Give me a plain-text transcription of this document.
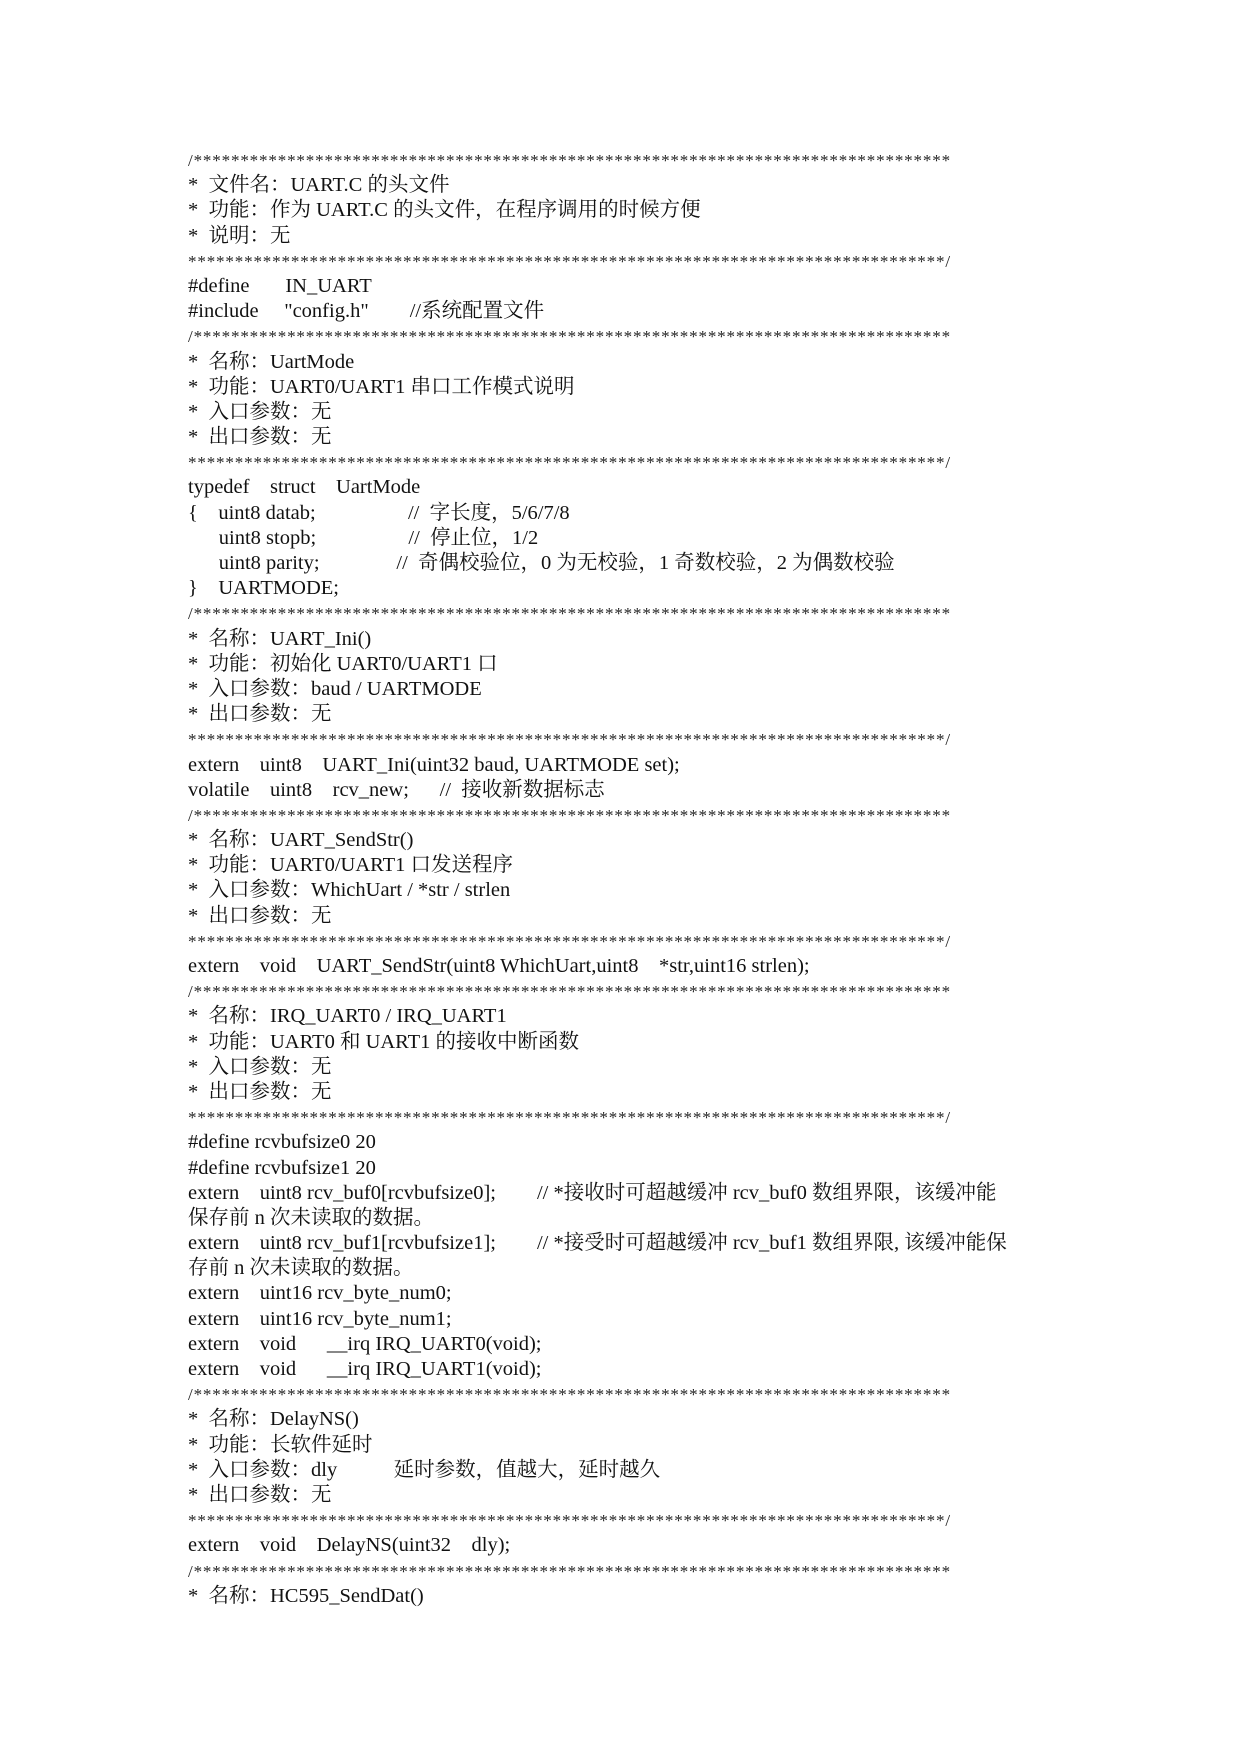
/*********************************************************************************
*  文件名：UART.C 的头文件
*  功能：作为 UART.C 的头文件，在程序调用的时候方便
*  说明：无
*********************************************************************************/
#define       IN_UART
#include     "config.h"        //系统配置文件
/*********************************************************************************
*  名称：UartMode
*  功能：UART0/UART1 串口工作模式说明
*  入口参数：无
*  出口参数：无
*********************************************************************************/
typedef    struct    UartMode
{    uint8 datab;                  //  字长度，5/6/7/8
uint8 stopb;                  //  停止位，1/2
uint8 parity;               //  奇偶校验位，0 为无校验，1 奇数校验，2 为偶数校验
}    UARTMODE;
/*********************************************************************************
*  名称：UART_Ini()
*  功能：初始化 UART0/UART1 口
*  入口参数：baud / UARTMODE
*  出口参数：无
*********************************************************************************/
extern    uint8    UART_Ini(uint32 baud, UARTMODE set);
volatile    uint8    rcv_new;      //  接收新数据标志
/*********************************************************************************
*  名称：UART_SendStr()
*  功能：UART0/UART1 口发送程序
*  入口参数：WhichUart / *str / strlen
*  出口参数：无
*********************************************************************************/
extern    void    UART_SendStr(uint8 WhichUart,uint8    *str,uint16 strlen);
/*********************************************************************************
*  名称：IRQ_UART0 / IRQ_UART1
*  功能：UART0 和 UART1 的接收中断函数
*  入口参数：无
*  出口参数：无
*********************************************************************************/
#define rcvbufsize0 20
#define rcvbufsize1 20
extern    uint8 rcv_buf0[rcvbufsize0];        // *接收时可超越缓冲 rcv_buf0 数组界限，该缓冲能
保存前 n 次未读取的数据。
extern    uint8 rcv_buf1[rcvbufsize1];        // *接受时可超越缓冲 rcv_buf1 数组界限, 该缓冲能保
存前 n 次未读取的数据。
extern    uint16 rcv_byte_num0;
extern    uint16 rcv_byte_num1;
extern    void      __irq IRQ_UART0(void);
extern    void      __irq IRQ_UART1(void);
/*********************************************************************************
*  名称：DelayNS()
*  功能：长软件延时
*  入口参数：dly           延时参数，值越大，延时越久
*  出口参数：无
*********************************************************************************/
extern    void    DelayNS(uint32    dly);
/*********************************************************************************
*  名称：HC595_SendDat()
